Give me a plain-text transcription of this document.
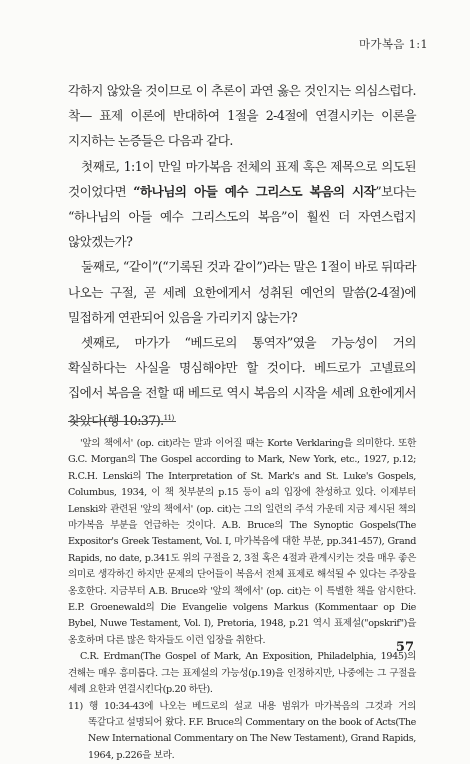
마가복음 1:1

각하지 않았을 것이므로 이 추론이 과연 옳은 것인지는 의심스럽다. 착— 표제 이론에 반대하여 1절을 2-4절에 연결시키는 이론을 지지하는 논증들은 다음과 같다.

첫째로, 1:1이 만일 마가복음 전체의 표제 혹은 제목으로 의도된 것이었다면 “하나님의 아들 예수 그리스도 복음의 시작”보다는 “하나님의 아들 예수 그리스도의 복음”이 훨씬 더 자연스럽지 않았겠는가?

둘째로, “같이”(“기록된 것과 같이”)라는 말은 1절이 바로 뒤따라 나오는 구절, 곧 세례 요한에게서 성취된 예언의 말씀(2-4절)에 밀접하게 연관되어 있음을 가리키지 않는가?

셋째로, 마가가 “베드로의 통역자”였을 가능성이 거의 확실하다는 사실을 명심해야만 할 것이다. 베드로가 고넬료의 집에서 복음을 전할 때 베드로 역시 복음의 시작을 세례 요한에게서 찾았다(행 10:37).$^{11)}$

'앞의 책에서' (op. cit)라는 말과 이어질 때는 Korte Verklaring을 의미한다. 또한 G.C. Morgan의 The Gospel according to Mark, New York, etc., 1927, p.12; R.C.H. Lenski의 The Interpretation of St. Mark's and St. Luke's Gospels, Columbus, 1934, 이 책 첫부분의 p.15 등이 a의 입장에 찬성하고 있다. 이제부터 Lenski와 관련된 '앞의 책에서' (op. cit)는 그의 일련의 주석 가운데 지금 제시된 책의 마가복음 부분을 언급하는 것이다. A.B. Bruce의 The Synoptic Gospels(The Expositor's Greek Testament, Vol. I, 마가복음에 대한 부분, pp.341-457), Grand Rapids, no date, p.341도 위의 구절을 2, 3절 혹은 4절과 관계시키는 것을 매우 좋은 의미로 생각하긴 하지만 문제의 단어들이 복음서 전체 표제로 해석될 수 있다는 주장을 옹호한다. 지금부터 A.B. Bruce와 '앞의 책에서' (op. cit)는 이 특별한 책을 암시한다. E.P. Groenewald의 Die Evangelie volgens Markus (Kommentaar op Die Bybel, Nuwe Testament, Vol. I), Pretoria, 1948, p.21 역시 표제설("opskrif")을 옹호하며 다른 많은 학자들도 이런 입장을 취한다.

C.R. Erdman(The Gospel of Mark, An Exposition, Philadelphia, 1945)의 견해는 매우 흥미롭다. 그는 표제설의 가능성(p.19)을 인정하지만, 나중에는 그 구절을 세례 요한과 연결시킨다(p.20 하단).

11) 행 10:34-43에 나오는 베드로의 설교 내용 범위가 마가복음의 그것과 거의 똑같다고 설명되어 왔다. F.F. Bruce의 Commentary on the book of Acts(The New International Commentary on The New Testament), Grand Rapids, 1964, p.226을 보라.

57
